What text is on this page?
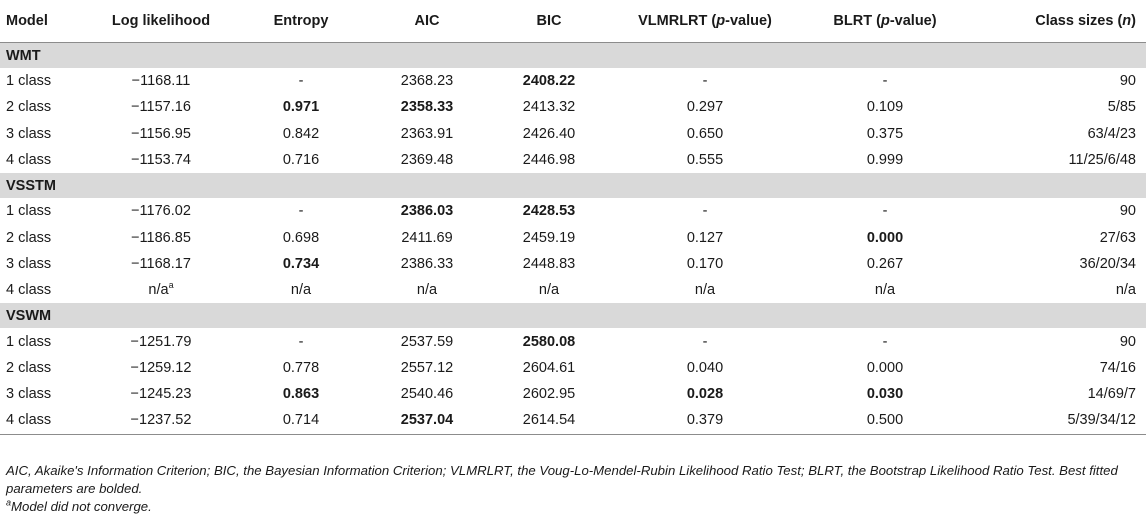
Model	Log likelihood	Entropy	AIC	BIC	VLMRLRT (p-value)	BLRT (p-value)	Class sizes (n)
WMT							
1 class	−1168.11	-	2368.23	2408.22	-	-	90
2 class	−1157.16	0.971	2358.33	2413.32	0.297	0.109	5/85
3 class	−1156.95	0.842	2363.91	2426.40	0.650	0.375	63/4/23
4 class	−1153.74	0.716	2369.48	2446.98	0.555	0.999	11/25/6/48
VSSTM							
1 class	−1176.02	-	2386.03	2428.53	-	-	90
2 class	−1186.85	0.698	2411.69	2459.19	0.127	0.000	27/63
3 class	−1168.17	0.734	2386.33	2448.83	0.170	0.267	36/20/34
4 class	$n/a^a$	n/a	n/a	n/a	n/a	n/a	n/a
VSWM							
1 class	−1251.79	-	2537.59	2580.08	-	-	90
2 class	−1259.12	0.778	2557.12	2604.61	0.040	0.000	74/16
3 class	−1245.23	0.863	2540.46	2602.95	0.028	0.030	14/69/7
4 class	−1237.52	0.714	2537.04	2614.54	0.379	0.500	5/39/34/12

AIC, Akaike's Information Criterion; BIC, the Bayesian Information Criterion; VLMRLRT, the Voug-Lo-Mendel-Rubin Likelihood Ratio Test; BLRT, the Bootstrap Likelihood Ratio Test. Best fitted parameters are bolded.

$^a$Model did not converge.
